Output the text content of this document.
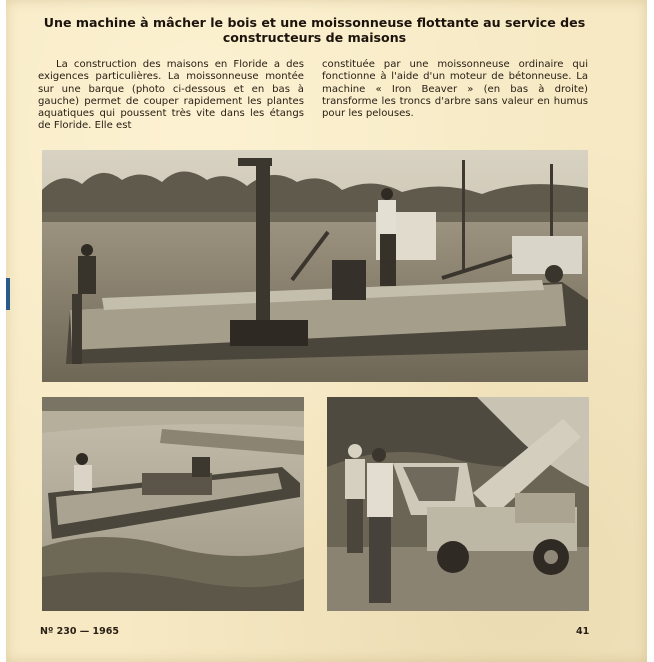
Une machine à mâcher le bois et une moissonneuse flottante au service des constructeurs de maisons

La construction des maisons en Floride a des exigences particulières. La moissonneuse montée sur une barque (photo ci-dessous et en bas à gauche) permet de couper rapidement les plantes aquatiques qui poussent très vite dans les étangs de Floride. Elle est

constituée par une moissonneuse ordinaire qui fonctionne à l'aide d'un moteur de bétonneuse. La machine « Iron Beaver » (en bas à droite) transforme les troncs d'arbre sans valeur en humus pour les pelouses.

Nº 230 — 1965	41
